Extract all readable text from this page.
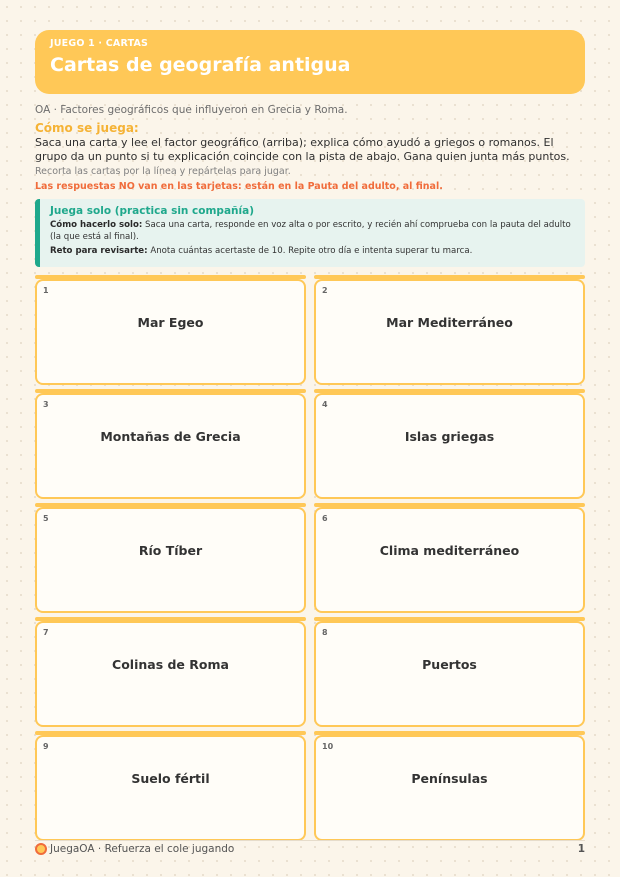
JUEGO 1 · CARTAS
Cartas de geografía antigua
OA · Factores geográficos que influyeron en Grecia y Roma.
Cómo se juega:
Saca una carta y lee el factor geográfico (arriba); explica cómo ayudó a griegos o romanos. El grupo da un punto si tu explicación coincide con la pista de abajo. Gana quien junta más puntos.
Recorta las cartas por la línea y repártelas para jugar.
Las respuestas NO van en las tarjetas: están en la Pauta del adulto, al final.
Juega solo (practica sin compañía)
Cómo hacerlo solo: Saca una carta, responde en voz alta o por escrito, y recién ahí comprueba con la pauta del adulto (la que está al final).
Reto para revisarte: Anota cuántas acertaste de 10. Repite otro día e intenta superar tu marca.
1
Mar Egeo
2
Mar Mediterráneo
3
Montañas de Grecia
4
Islas griegas
5
Río Tíber
6
Clima mediterráneo
7
Colinas de Roma
8
Puertos
9
Suelo fértil
10
Penínsulas
JuegaOA · Refuerza el cole jugando	1
